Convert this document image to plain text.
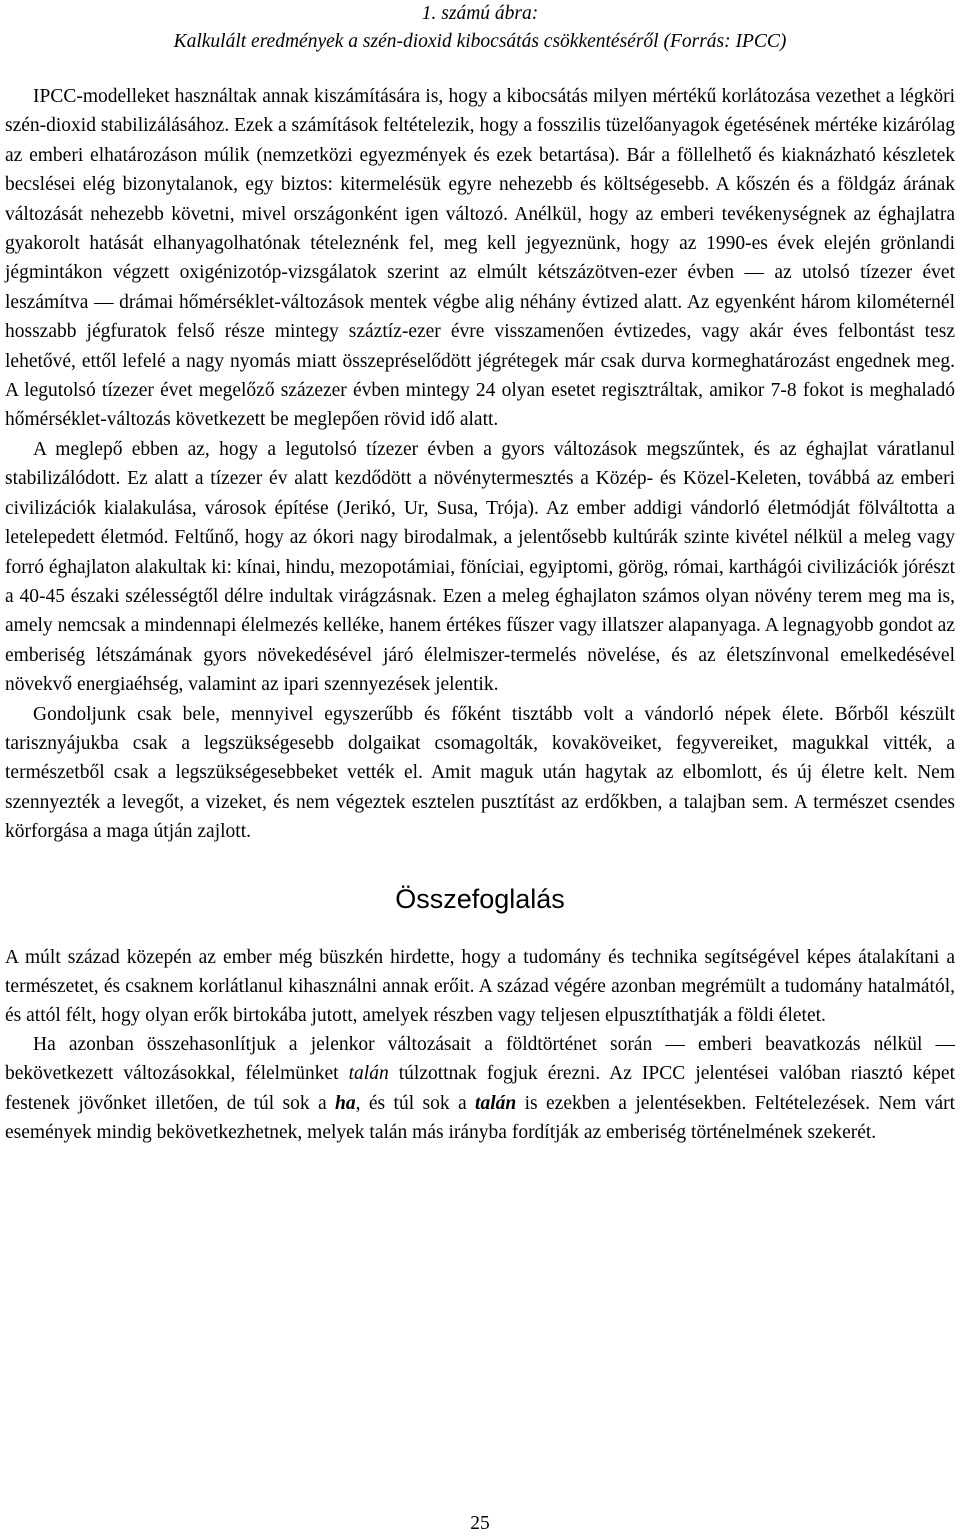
1. számú ábra:
Kalkulált eredmények a szén-dioxid kibocsátás csökkentéséről (Forrás: IPCC)

IPCC-modelleket használtak annak kiszámítására is, hogy a kibocsátás milyen mértékű korlátozása vezethet a légköri szén-dioxid stabilizálásához. Ezek a számítások feltételezik, hogy a fosszilis tüzelőanyagok égetésének mértéke kizárólag az emberi elhatározáson múlik (nemzetközi egyezmények és ezek betartása). Bár a föllelhető és kiaknázható készletek becslései elég bizonytalanok, egy biztos: kitermelésük egyre nehezebb és költségesebb. A kőszén és a földgáz árának változását nehezebb követni, mivel országonként igen változó. Anélkül, hogy az emberi tevékenységnek az éghajlatra gyakorolt hatását elhanyagolhatónak tételeznénk fel, meg kell jegyeznünk, hogy az 1990-es évek elején grönlandi jégmintákon végzett oxigénizotóp-vizsgálatok szerint az elmúlt kétszázötven-ezer évben — az utolsó tízezer évet leszámítva — drámai hőmérséklet-változások mentek végbe alig néhány évtized alatt. Az egyenként három kilométernél hosszabb jégfuratok felső része mintegy száztíz-ezer évre visszamenően évtizedes, vagy akár éves felbontást tesz lehetővé, ettől lefelé a nagy nyomás miatt összepréselődött jégrétegek már csak durva kormeghatározást engednek meg. A legutolsó tízezer évet megelőző százezer évben mintegy 24 olyan esetet regisztráltak, amikor 7-8 fokot is meghaladó hőmérséklet-változás következett be meglepően rövid idő alatt.

A meglepő ebben az, hogy a legutolsó tízezer évben a gyors változások megszűntek, és az éghajlat váratlanul stabilizálódott. Ez alatt a tízezer év alatt kezdődött a növénytermesztés a Közép- és Közel-Keleten, továbbá az emberi civilizációk kialakulása, városok építése (Jerikó, Ur, Susa, Trója). Az ember addigi vándorló életmódját fölváltotta a letelepedett életmód. Feltűnő, hogy az ókori nagy birodalmak, a jelentősebb kultúrák szinte kivétel nélkül a meleg vagy forró éghajlaton alakultak ki: kínai, hindu, mezopotámiai, föníciai, egyiptomi, görög, római, karthágói civilizációk jórészt a 40-45 északi szélességtől délre indultak virágzásnak. Ezen a meleg éghajlaton számos olyan növény terem meg ma is, amely nemcsak a mindennapi élelmezés kelléke, hanem értékes fűszer vagy illatszer alapanyaga. A legnagyobb gondot az emberiség létszámának gyors növekedésével járó élelmiszer-termelés növelése, és az életszínvonal emelkedésével növekvő energiaéhség, valamint az ipari szennyezések jelentik.

Gondoljunk csak bele, mennyivel egyszerűbb és főként tisztább volt a vándorló népek élete. Bőrből készült tarisznyájukba csak a legszükségesebb dolgaikat csomagolták, kovaköveiket, fegyvereiket, magukkal vitték, a természetből csak a legszükségesebbeket vették el. Amit maguk után hagytak az elbomlott, és új életre kelt. Nem szennyezték a levegőt, a vizeket, és nem végeztek esztelen pusztítást az erdőkben, a talajban sem. A természet csendes körforgása a maga útján zajlott.

Összefoglalás

A múlt század közepén az ember még büszkén hirdette, hogy a tudomány és technika segítségével képes átalakítani a természetet, és csaknem korlátlanul kihasználni annak erőit. A század végére azonban megrémült a tudomány hatalmától, és attól félt, hogy olyan erők birtokába jutott, amelyek részben vagy teljesen elpusztíthatják a földi életet.

Ha azonban összehasonlítjuk a jelenkor változásait a földtörténet során — emberi beavatkozás nélkül — bekövetkezett változásokkal, félelmünket talán túlzottnak fogjuk érezni. Az IPCC jelentései valóban riasztó képet festenek jövőnket illetően, de túl sok a ha, és túl sok a talán is ezekben a jelentésekben. Feltételezések. Nem várt események mindig bekövetkezhetnek, melyek talán más irányba fordítják az emberiség történelmének szekerét.

25
